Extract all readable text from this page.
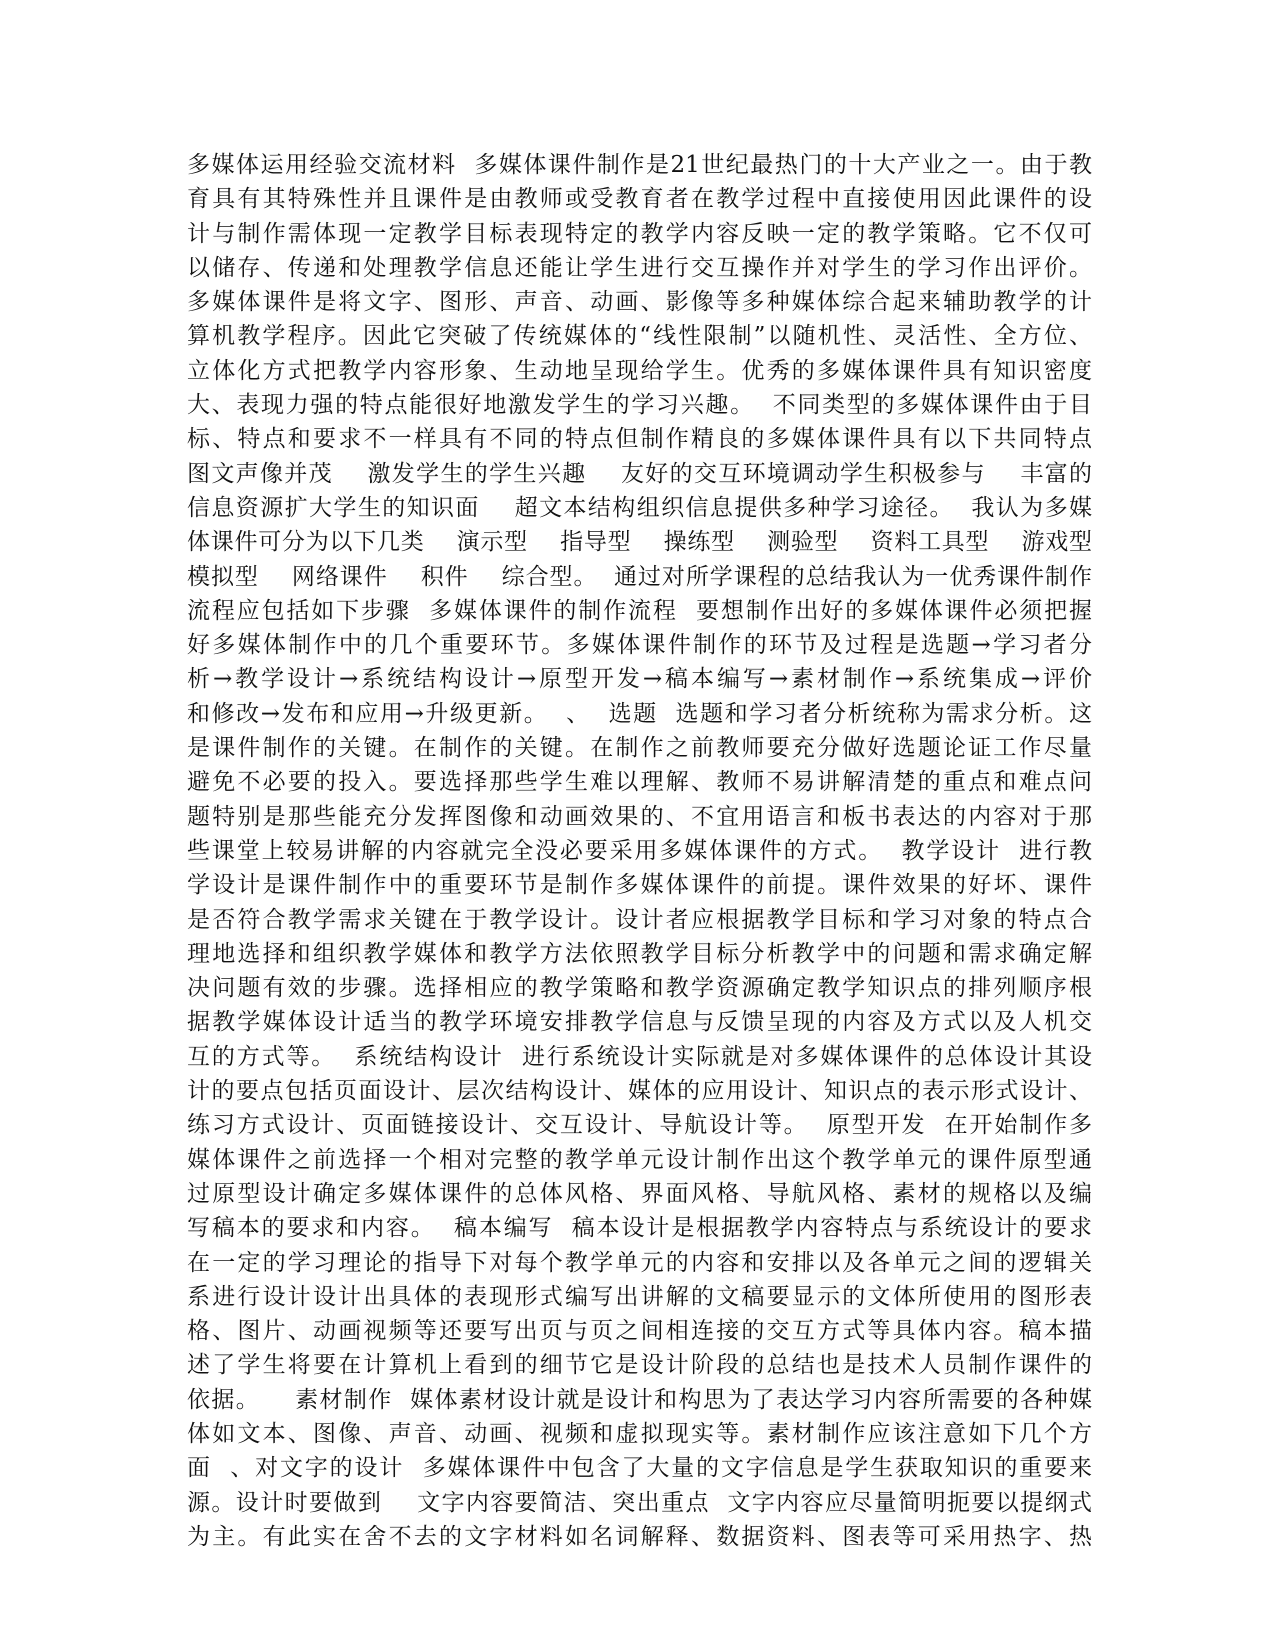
多媒体运用经验交流材料  多媒体课件制作是21世纪最热门的十大产业之一。由于教
育具有其特殊性并且课件是由教师或受教育者在教学过程中直接使用因此课件的设
计与制作需体现一定教学目标表现特定的教学内容反映一定的教学策略。它不仅可
以储存、传递和处理教学信息还能让学生进行交互操作并对学生的学习作出评价。
多媒体课件是将文字、图形、声音、动画、影像等多种媒体综合起来辅助教学的计
算机教学程序。因此它突破了传统媒体的“线性限制”以随机性、灵活性、全方位、
立体化方式把教学内容形象、生动地呈现给学生。优秀的多媒体课件具有知识密度
大、表现力强的特点能很好地激发学生的学习兴趣。  不同类型的多媒体课件由于目
标、特点和要求不一样具有不同的特点但制作精良的多媒体课件具有以下共同特点
图文声像并茂    激发学生的学生兴趣    友好的交互环境调动学生积极参与    丰富的
信息资源扩大学生的知识面    超文本结构组织信息提供多种学习途径。  我认为多媒
体课件可分为以下几类    演示型    指导型    操练型    测验型    资料工具型    游戏型
模拟型    网络课件    积件    综合型。  通过对所学课程的总结我认为一优秀课件制作
流程应包括如下步骤  多媒体课件的制作流程  要想制作出好的多媒体课件必须把握
好多媒体制作中的几个重要环节。多媒体课件制作的环节及过程是选题→学习者分
析→教学设计→系统结构设计→原型开发→稿本编写→素材制作→系统集成→评价
和修改→发布和应用→升级更新。  、  选题  选题和学习者分析统称为需求分析。这
是课件制作的关键。在制作的关键。在制作之前教师要充分做好选题论证工作尽量
避免不必要的投入。要选择那些学生难以理解、教师不易讲解清楚的重点和难点问
题特别是那些能充分发挥图像和动画效果的、不宜用语言和板书表达的内容对于那
些课堂上较易讲解的内容就完全没必要采用多媒体课件的方式。  教学设计  进行教
学设计是课件制作中的重要环节是制作多媒体课件的前提。课件效果的好坏、课件
是否符合教学需求关键在于教学设计。设计者应根据教学目标和学习对象的特点合
理地选择和组织教学媒体和教学方法依照教学目标分析教学中的问题和需求确定解
决问题有效的步骤。选择相应的教学策略和教学资源确定教学知识点的排列顺序根
据教学媒体设计适当的教学环境安排教学信息与反馈呈现的内容及方式以及人机交
互的方式等。  系统结构设计  进行系统设计实际就是对多媒体课件的总体设计其设
计的要点包括页面设计、层次结构设计、媒体的应用设计、知识点的表示形式设计、
练习方式设计、页面链接设计、交互设计、导航设计等。  原型开发  在开始制作多
媒体课件之前选择一个相对完整的教学单元设计制作出这个教学单元的课件原型通
过原型设计确定多媒体课件的总体风格、界面风格、导航风格、素材的规格以及编
写稿本的要求和内容。  稿本编写  稿本设计是根据教学内容特点与系统设计的要求
在一定的学习理论的指导下对每个教学单元的内容和安排以及各单元之间的逻辑关
系进行设计设计出具体的表现形式编写出讲解的文稿要显示的文体所使用的图形表
格、图片、动画视频等还要写出页与页之间相连接的交互方式等具体内容。稿本描
述了学生将要在计算机上看到的细节它是设计阶段的总结也是技术人员制作课件的
依据。    素材制作  媒体素材设计就是设计和构思为了表达学习内容所需要的各种媒
体如文本、图像、声音、动画、视频和虚拟现实等。素材制作应该注意如下几个方
面  、对文字的设计  多媒体课件中包含了大量的文字信息是学生获取知识的重要来
源。设计时要做到    文字内容要简洁、突出重点  文字内容应尽量简明扼要以提纲式
为主。有此实在舍不去的文字材料如名词解释、数据资料、图表等可采用热字、热
